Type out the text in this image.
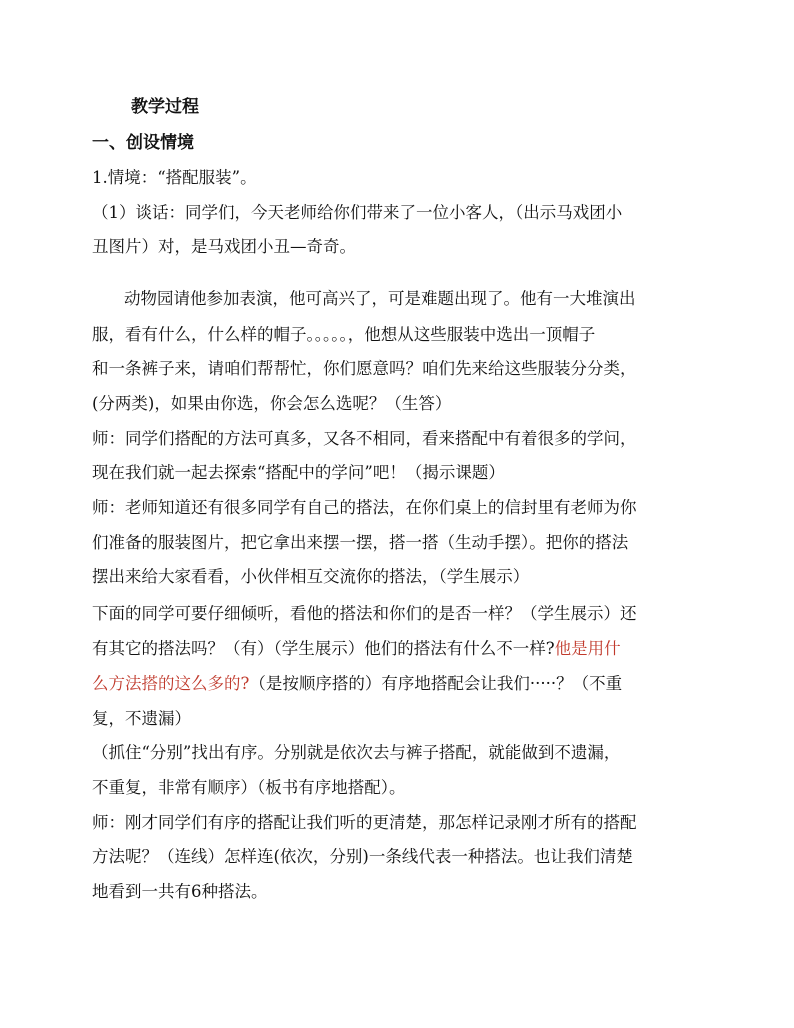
教学过程
一、创设情境
1.情境：“搭配服装”。
（1）谈话：同学们，今天老师给你们带来了一位小客人，（出示马戏团小
丑图片）对，是马戏团小丑—奇奇。
动物园请他参加表演，他可高兴了，可是难题出现了。他有一大堆演出
服，看有什么，什么样的帽子。。。。。，他想从这些服装中选出一顶帽子
和一条裤子来，请咱们帮帮忙，你们愿意吗？咱们先来给这些服装分分类，
(分两类)，如果由你选，你会怎么选呢？（生答）
师：同学们搭配的方法可真多，又各不相同，看来搭配中有着很多的学问，
现在我们就一起去探索“搭配中的学问”吧！（揭示课题）
师：老师知道还有很多同学有自己的搭法，在你们桌上的信封里有老师为你
们准备的服装图片，把它拿出来摆一摆，搭一搭（生动手摆）。把你的搭法
摆出来给大家看看，小伙伴相互交流你的搭法，（学生展示）
下面的同学可要仔细倾听，看他的搭法和你们的是否一样？（学生展示）还
有其它的搭法吗？（有）（学生展示）他们的搭法有什么不一样?他是用什
么方法搭的这么多的?（是按顺序搭的）有序地搭配会让我们·····？（不重
复，不遗漏）
（抓住“分别”找出有序。分别就是依次去与裤子搭配，就能做到不遗漏，
不重复，非常有顺序）（板书有序地搭配）。
师：刚才同学们有序的搭配让我们听的更清楚，那怎样记录刚才所有的搭配
方法呢？（连线）怎样连(依次，分别)一条线代表一种搭法。也让我们清楚
地看到一共有6种搭法。
